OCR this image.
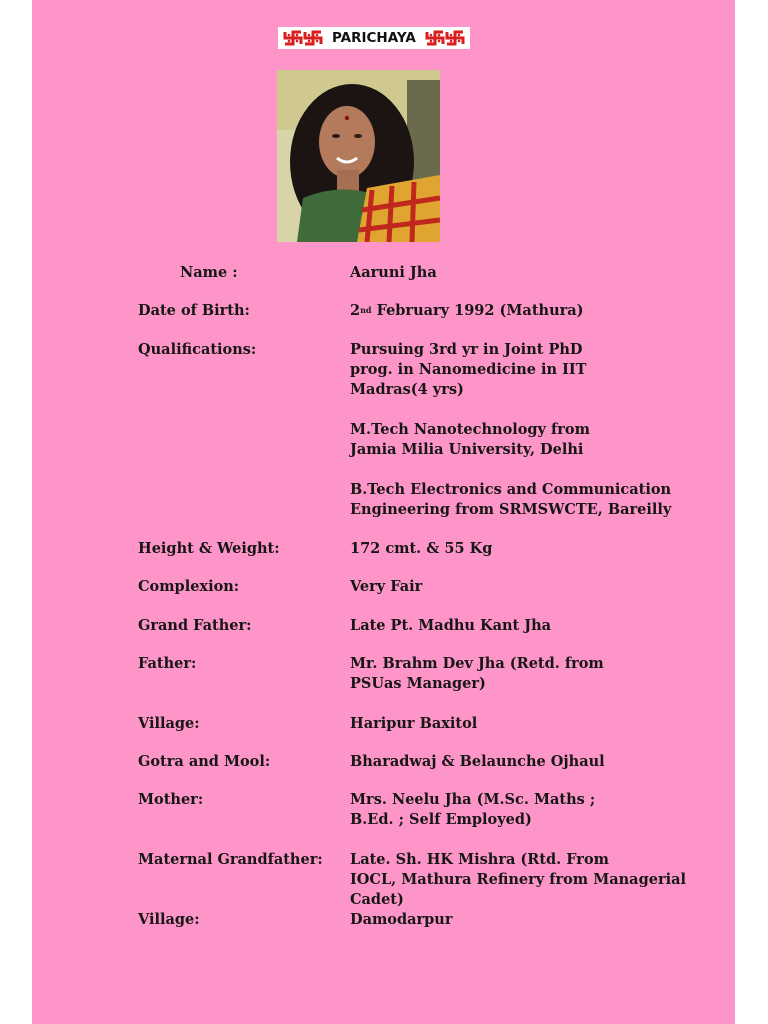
PARICHAYA
Name :	Aaruni Jha
Date of Birth:	2nd February 1992 (Mathura)
Qualifications:	Pursuing 3rd yr in Joint PhD
prog. in Nanomedicine in IIT
Madras(4 yrs)
M.Tech Nanotechnology from
Jamia Milia University, Delhi
B.Tech Electronics and Communication
Engineering from SRMSWCTE, Bareilly
Height & Weight:	172 cmt. & 55 Kg
Complexion:	Very Fair
Grand Father:	Late Pt. Madhu Kant Jha
Father:	Mr. Brahm Dev Jha (Retd. from
PSUas Manager)
Village:	Haripur Baxitol
Gotra and Mool:	Bharadwaj & Belaunche Ojhaul
Mother:	Mrs. Neelu Jha (M.Sc. Maths ;
B.Ed. ; Self Employed)
Maternal Grandfather:	Late. Sh. HK Mishra (Rtd. From
IOCL, Mathura Refinery from Managerial
Cadet)
Village:	Damodarpur
